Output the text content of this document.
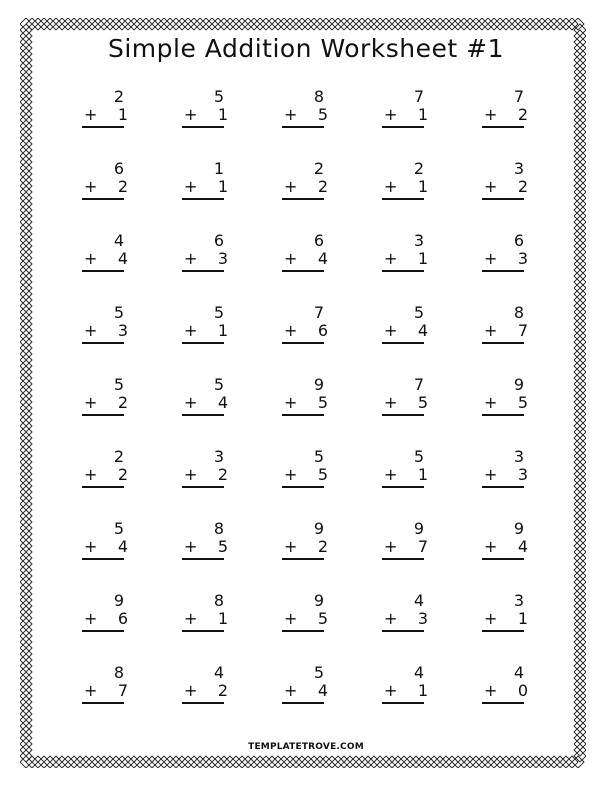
Simple Addition Worksheet #1
2
+ 1
5
+ 1
8
+ 5
7
+ 1
7
+ 2
6
+ 2
1
+ 1
2
+ 2
2
+ 1
3
+ 2
4
+ 4
6
+ 3
6
+ 4
3
+ 1
6
+ 3
5
+ 3
5
+ 1
7
+ 6
5
+ 4
8
+ 7
5
+ 2
5
+ 4
9
+ 5
7
+ 5
9
+ 5
2
+ 2
3
+ 2
5
+ 5
5
+ 1
3
+ 3
5
+ 4
8
+ 5
9
+ 2
9
+ 7
9
+ 4
9
+ 6
8
+ 1
9
+ 5
4
+ 3
3
+ 1
8
+ 7
4
+ 2
5
+ 4
4
+ 1
4
+ 0
TEMPLATETROVE.COM
